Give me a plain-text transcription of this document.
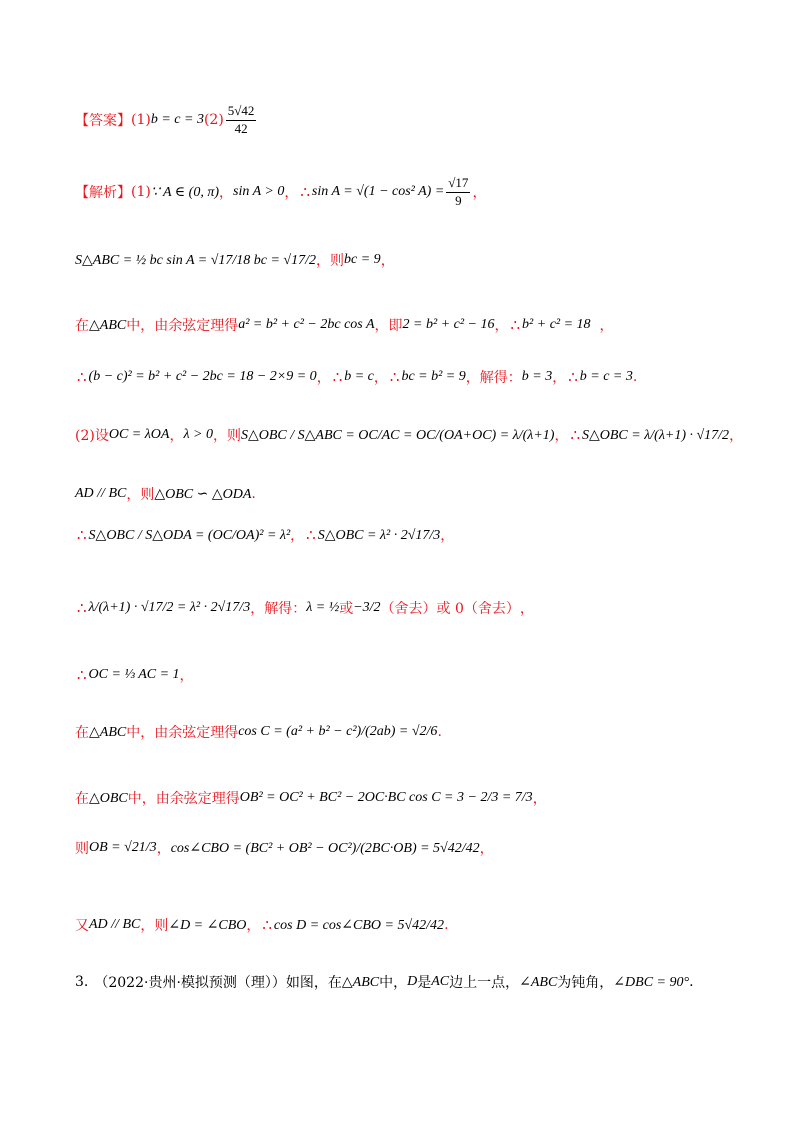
【答案】 (1) b = c = 3 $(2) \frac{5√42}{42}$
【解析】 (1) ∵ A ∈ (0, π) ， sin A > 0 ， ∴ sin A = √(1 − cos² $A) = \frac{√17}{9}$ ，
S△ABC = ½ bc sin A = √17/18 bc = √17/2 ， 则 bc = 9 ，
在 △ABC 中，由余弦定理得 a² = b² + c² − 2bc cos A ， 即 2 = b² + c² − 16 ， ∴ b² + c² = 18 ，
∴ (b − c)² = b² + c² − 2bc = 18 − 2×9 = 0 ， ∴ b = c ， ∴ bc = b² = 9 ， 解得： b = 3 ， ∴ b = c = 3 .
(2)设 OC = λOA ， λ > 0 ， 则 S△OBC / S△ABC = OC/AC = OC/(OA+OC) = λ/(λ+1) ， ∴ S△OBC = λ/(λ+1) · √17/2 ，
AD // BC ， 则 △OBC ∽ △ODA .
∴ S△OBC / S△ODA = (OC/OA)² = λ² ， ∴ S△OBC = λ² · 2√17/3 ，
∴ λ/(λ+1) · √17/2 = λ² · 2√17/3 ， 解得： λ = ½ 或 −3/2 （舍去）或 0（舍去） ，
∴ OC = ⅓ AC = 1 ，
在 △ABC 中，由余弦定理得 cos C = (a² + b² − c²)/(2ab) = √2/6 .
在 △OBC 中，由余弦定理得 OB² = OC² + BC² − 2OC·BC cos C = 3 − 2/3 = 7/3 ，
则 OB = √21/3 ， cos∠CBO = (BC² + OB² − OC²)/(2BC·OB) = 5√42/42 ，
又 AD // BC ， 则 ∠D = ∠CBO ， ∴ cos D = cos∠CBO = 5√42/42 .
3. （2022·贵州·模拟预测（理））如图，在 △ABC 中， D 是 AC 边上一点， ∠ABC 为钝角， ∠DBC = 90° .
